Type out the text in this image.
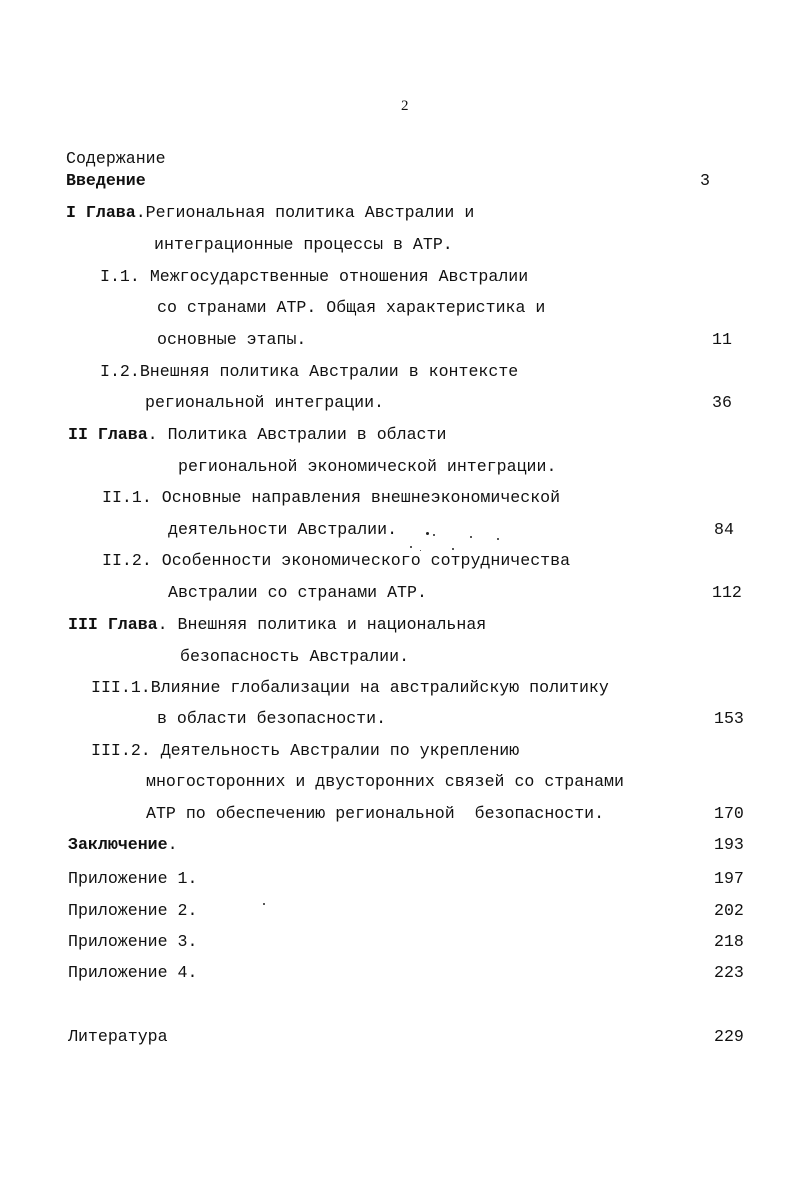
2
Содержание
Введение	3
I Глава.Региональная политика Австралии и
интеграционные процессы в АТР.
I.1. Межгосударственные отношения Австралии
со странами АТР. Общая характеристика и
основные этапы.	11
I.2.Внешняя политика Австралии в контексте
региональной интеграции.	36
II Глава. Политика Австралии в области
региональной экономической интеграции.
II.1. Основные направления внешнеэкономической
деятельности Австралии.	84
II.2. Особенности экономического сотрудничества
Австралии со странами АТР.	112
III Глава. Внешняя политика и национальная
безопасность Австралии.
III.1.Влияние глобализации на австралийскую политику
в области безопасности.	153
III.2. Деятельность Австралии по укреплению
многосторонних и двусторонних связей со странами
АТР по обеспечению региональной  безопасности.	170
Заключение.	193
Приложение 1.	197
Приложение 2.	202
Приложение 3.	218
Приложение 4.	223
Литература	229
